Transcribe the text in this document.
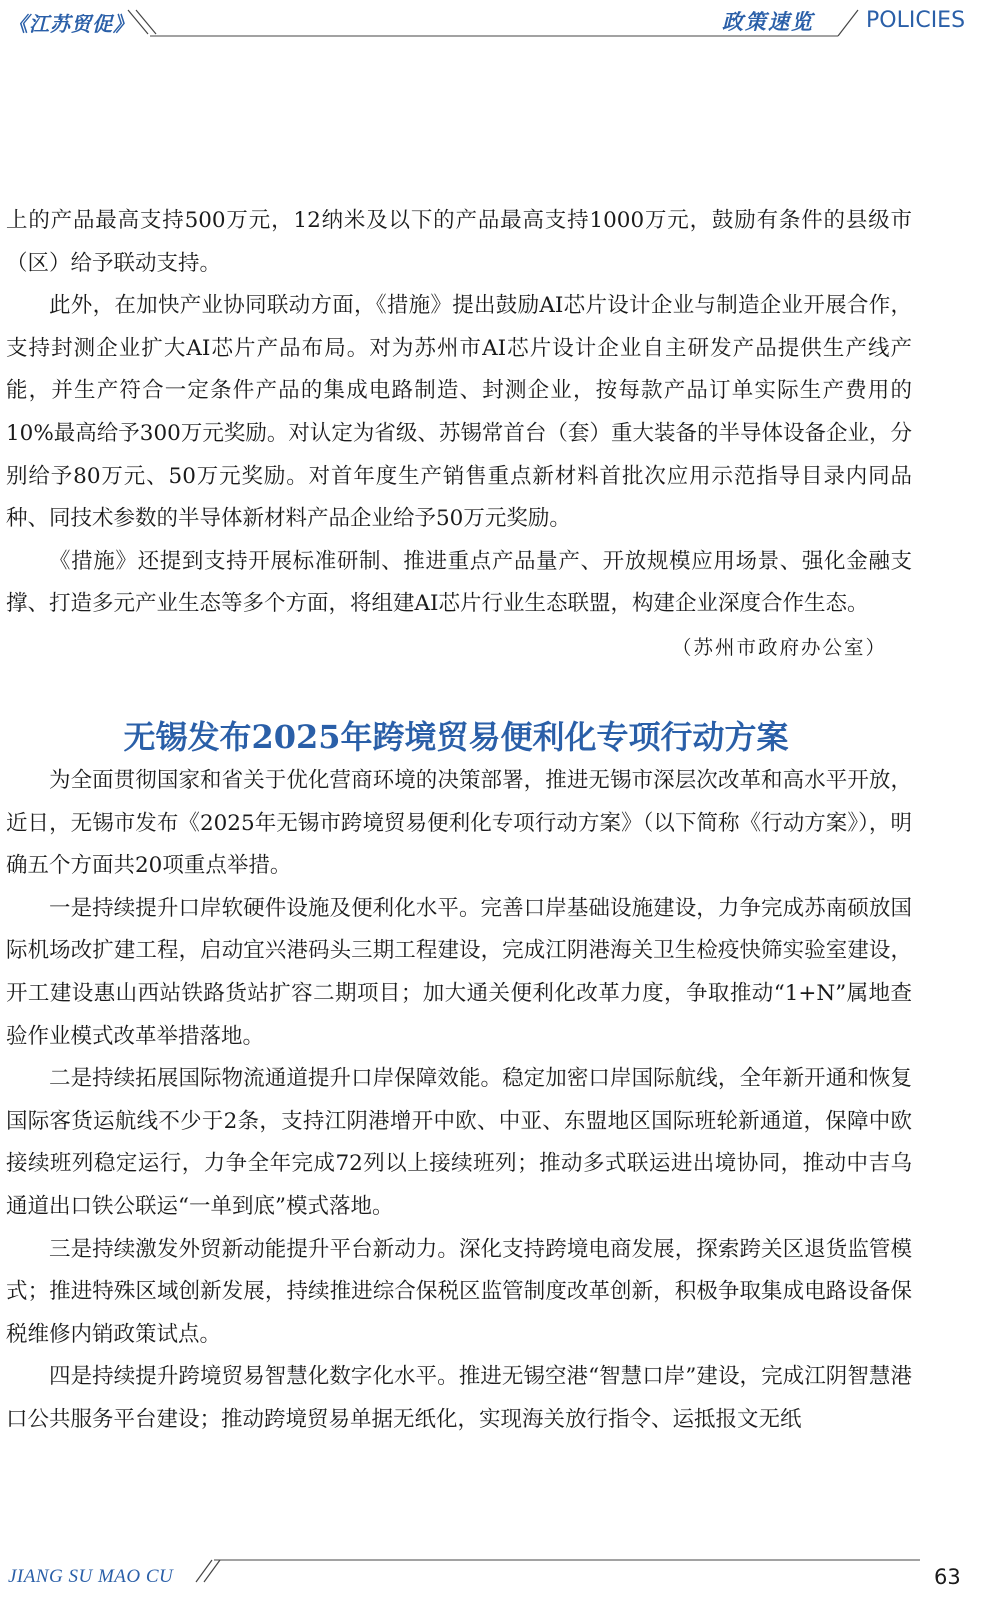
《江苏贸促》	政策速览 POLICIES

上的产品最高支持500万元，12纳米及以下的产品最高支持1000万元，鼓励有条件的县级市（区）给予联动支持。

此外，在加快产业协同联动方面，《措施》提出鼓励AI芯片设计企业与制造企业开展合作，支持封测企业扩大AI芯片产品布局。对为苏州市AI芯片设计企业自主研发产品提供生产线产能，并生产符合一定条件产品的集成电路制造、封测企业，按每款产品订单实际生产费用的10%最高给予300万元奖励。对认定为省级、苏锡常首台（套）重大装备的半导体设备企业，分别给予80万元、50万元奖励。对首年度生产销售重点新材料首批次应用示范指导目录内同品种、同技术参数的半导体新材料产品企业给予50万元奖励。

《措施》还提到支持开展标准研制、推进重点产品量产、开放规模应用场景、强化金融支撑、打造多元产业生态等多个方面，将组建AI芯片行业生态联盟，构建企业深度合作生态。

（苏州市政府办公室）
无锡发布2025年跨境贸易便利化专项行动方案

为全面贯彻国家和省关于优化营商环境的决策部署，推进无锡市深层次改革和高水平开放，近日，无锡市发布《2025年无锡市跨境贸易便利化专项行动方案》（以下简称《行动方案》），明确五个方面共20项重点举措。

一是持续提升口岸软硬件设施及便利化水平。完善口岸基础设施建设，力争完成苏南硕放国际机场改扩建工程，启动宜兴港码头三期工程建设，完成江阴港海关卫生检疫快筛实验室建设，开工建设惠山西站铁路货站扩容二期项目；加大通关便利化改革力度，争取推动“1+N”属地查验作业模式改革举措落地。

二是持续拓展国际物流通道提升口岸保障效能。稳定加密口岸国际航线，全年新开通和恢复国际客货运航线不少于2条，支持江阴港增开中欧、中亚、东盟地区国际班轮新通道，保障中欧接续班列稳定运行，力争全年完成72列以上接续班列；推动多式联运进出境协同，推动中吉乌通道出口铁公联运“一单到底”模式落地。

三是持续激发外贸新动能提升平台新动力。深化支持跨境电商发展，探索跨关区退货监管模式；推进特殊区域创新发展，持续推进综合保税区监管制度改革创新，积极争取集成电路设备保税维修内销政策试点。

四是持续提升跨境贸易智慧化数字化水平。推进无锡空港“智慧口岸”建设，完成江阴智慧港口公共服务平台建设；推动跨境贸易单据无纸化，实现海关放行指令、运抵报文无纸

JIANG SU MAO CU	63
